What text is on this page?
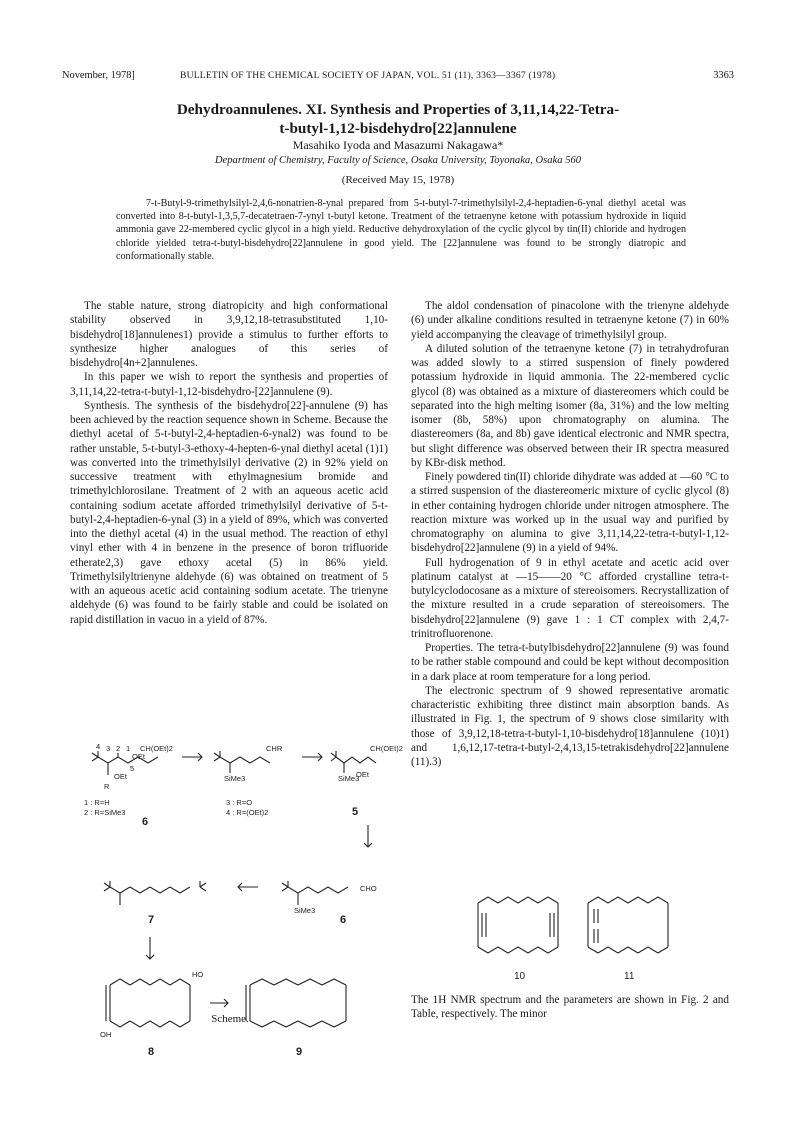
November, 1978]	BULLETIN OF THE CHEMICAL SOCIETY OF JAPAN, VOL. 51 (11), 3363—3367 (1978)	3363
Dehydroannulenes. XI. Synthesis and Properties of 3,11,14,22-Tetra-
t-butyl-1,12-bisdehydro[22]annulene
Masahiko Iyoda and Masazumi Nakagawa*
Department of Chemistry, Faculty of Science, Osaka University, Toyonaka, Osaka 560
(Received May 15, 1978)
7-t-Butyl-9-trimethylsilyl-2,4,6-nonatrien-8-ynal prepared from 5-t-butyl-7-trimethylsilyl-2,4-heptadien-6-ynal diethyl acetal was converted into 8-t-butyl-1,3,5,7-decatetraen-7-ynyl t-butyl ketone. Treatment of the tetraenyne ketone with potassium hydroxide in liquid ammonia gave 22-membered cyclic glycol in a high yield. Reductive dehydroxylation of the cyclic glycol by tin(II) chloride and hydrogen chloride yielded tetra-t-butyl-bisdehydro[22]annulene in good yield. The [22]annulene was found to be strongly diatropic and conformationally stable.

The stable nature, strong diatropicity and high conformational stability observed in 3,9,12,18-tetrasubstituted 1,10-bisdehydro[18]annulenes1) provide a stimulus to further efforts to synthesize higher analogues of this series of bisdehydro[4n+2]annulenes.

In this paper we wish to report the synthesis and properties of 3,11,14,22-tetra-t-butyl-1,12-bisdehydro-[22]annulene (9).

Synthesis. The synthesis of the bisdehydro[22]-annulene (9) has been achieved by the reaction sequence shown in Scheme. Because the diethyl acetal of 5-t-butyl-2,4-heptadien-6-ynal2) was found to be rather unstable, 5-t-butyl-3-ethoxy-4-hepten-6-ynal diethyl acetal (1)1) was converted into the trimethylsilyl derivative (2) in 92% yield on successive treatment with ethylmagnesium bromide and trimethylchlorosilane. Treatment of 2 with an aqueous acetic acid containing sodium acetate afforded trimethylsilyl derivative of 5-t-butyl-2,4-heptadien-6-ynal (3) in a yield of 89%, which was converted into the diethyl acetal (4) in the usual method. The reaction of ethyl vinyl ether with 4 in benzene in the presence of boron trifluoride etherate2,3) gave ethoxy acetal (5) in 86% yield. Trimethylsilyltrienyne aldehyde (6) was obtained on treatment of 5 with an aqueous acetic acid containing sodium acetate. The trienyne aldehyde (6) was found to be fairly stable and could be isolated on rapid distillation in vacuo in a yield of 87%.

The aldol condensation of pinacolone with the trienyne aldehyde (6) under alkaline conditions resulted in tetraenyne ketone (7) in 60% yield accompanying the cleavage of trimethylsilyl group.

A diluted solution of the tetraenyne ketone (7) in tetrahydrofuran was added slowly to a stirred suspension of finely powdered potassium hydroxide in liquid ammonia. The 22-membered cyclic glycol (8) was obtained as a mixture of diastereomers which could be separated into the high melting isomer (8a, 31%) and the low melting isomer (8b, 58%) upon chromatography on alumina. The diastereomers (8a, and 8b) gave identical electronic and NMR spectra, but slight difference was observed between their IR spectra measured by KBr-disk method.

Finely powdered tin(II) chloride dihydrate was added at —60 °C to a stirred suspension of the diastereomeric mixture of cyclic glycol (8) in ether containing hydrogen chloride under nitrogen atmosphere. The reaction mixture was worked up in the usual way and purified by chromatography on alumina to give 3,11,14,22-tetra-t-butyl-1,12-bisdehydro[22]annulene (9) in a yield of 94%.

Full hydrogenation of 9 in ethyl acetate and acetic acid over platinum catalyst at —15——20 °C afforded crystalline tetra-t-butylcyclodocosane as a mixture of stereoisomers. Recrystallization of the mixture resulted in a crude separation of stereoisomers. The bisdehydro[22]annulene (9) gave 1 : 1 CT complex with 2,4,7-trinitrofluorenone.

Properties. The tetra-t-butylbisdehydro[22]annulene (9) was found to be rather stable compound and could be kept without decomposition in a dark place at room temperature for a long period.

The electronic spectrum of 9 showed representative aromatic characteristic exhibiting three distinct main absorption bands. As illustrated in Fig. 1, the spectrum of 9 shows close similarity with those of 3,9,12,18-tetra-t-butyl-1,10-bisdehydro[18]annulene (10)1) and 1,6,12,17-tetra-t-butyl-2,4,13,15-tetrakisdehydro[22]annulene (11).3)

1
2
3
4
5
CH(OEt)2
OEt
R
1 : R=H
2 : R=SiMe3
CHR
SiMe3
3 : R=O
4 : R=(OEt)2
CH(OEt)2
OEt
SiMe3
SiMe3
CHO
HO
OH
OEt
6
5
6
7
8	9
Scheme.
10	11
The 1H NMR spectrum and the parameters are shown in Fig. 2 and Table, respectively. The minor
